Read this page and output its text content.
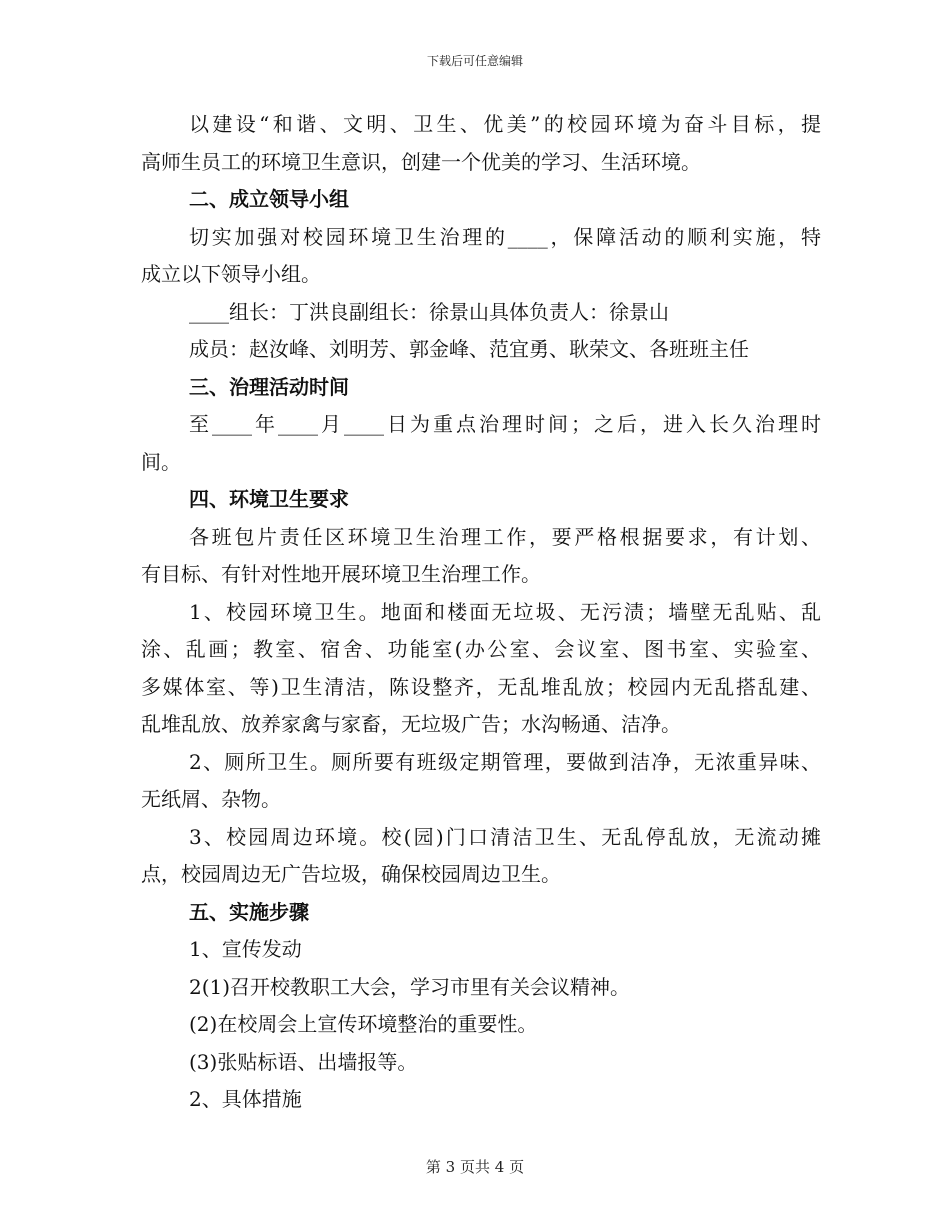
下载后可任意编辑
以建设“和谐、文明、卫生、优美”的校园环境为奋斗目标，提
高师生员工的环境卫生意识，创建一个优美的学习、生活环境。
二、成立领导小组
切实加强对校园环境卫生治理的____，保障活动的顺利实施，特
成立以下领导小组。
____组长：丁洪良副组长：徐景山具体负责人：徐景山
成员：赵汝峰、刘明芳、郭金峰、范宜勇、耿荣文、各班班主任
三、治理活动时间
至____年____月____日为重点治理时间；之后，进入长久治理时
间。
四、环境卫生要求
各班包片责任区环境卫生治理工作，要严格根据要求，有计划、
有目标、有针对性地开展环境卫生治理工作。
1、校园环境卫生。地面和楼面无垃圾、无污渍；墙壁无乱贴、乱
涂、乱画；教室、宿舍、功能室(办公室、会议室、图书室、实验室、
多媒体室、等)卫生清洁，陈设整齐，无乱堆乱放；校园内无乱搭乱建、
乱堆乱放、放养家禽与家畜，无垃圾广告；水沟畅通、洁净。
2、厕所卫生。厕所要有班级定期管理，要做到洁净，无浓重异味、
无纸屑、杂物。
3、校园周边环境。校(园)门口清洁卫生、无乱停乱放，无流动摊
点，校园周边无广告垃圾，确保校园周边卫生。
五、实施步骤
1、宣传发动
2(1)召开校教职工大会，学习市里有关会议精神。
(2)在校周会上宣传环境整治的重要性。
(3)张贴标语、出墙报等。
2、具体措施
第 3 页共 4 页
